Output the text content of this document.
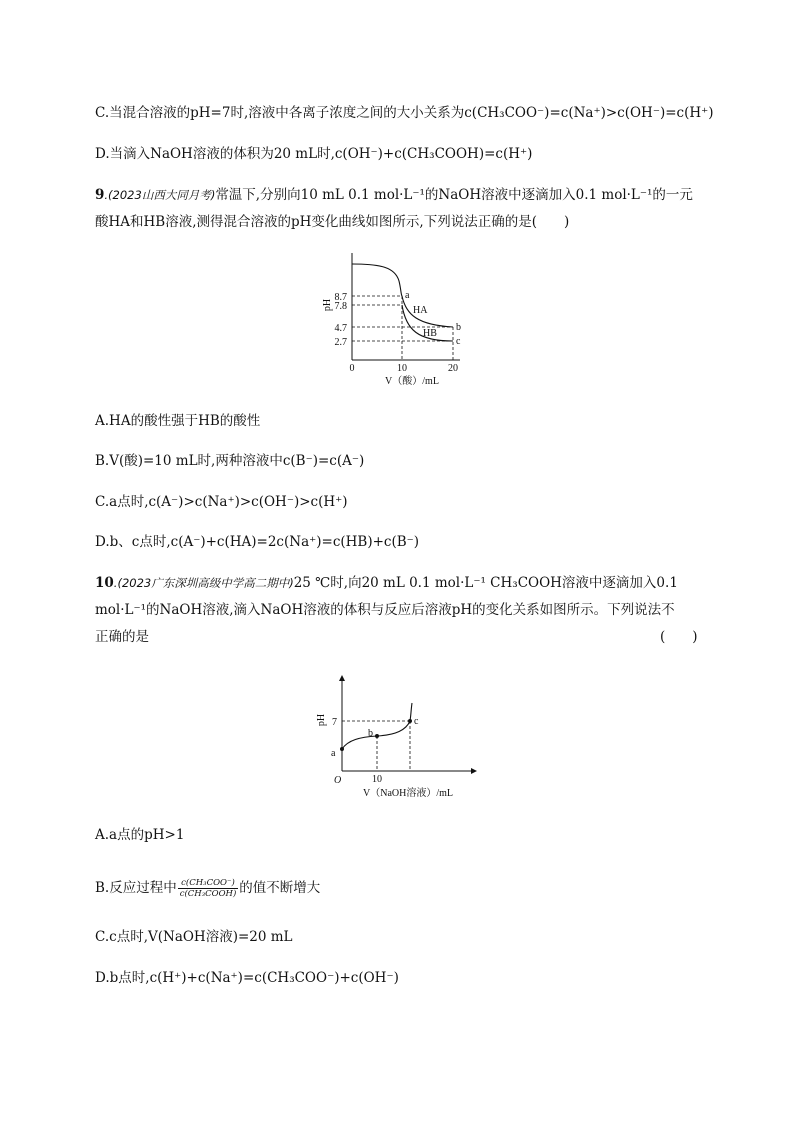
C.当混合溶液的pH=7时,溶液中各离子浓度之间的大小关系为c(CH₃COO⁻)=c(Na⁺)>c(OH⁻)=c(H⁺)
D.当滴入NaOH溶液的体积为20 mL时,c(OH⁻)+c(CH₃COOH)=c(H⁺)
9.(2023山西大同月考)常温下,分别向10 mL 0.1 mol·L⁻¹的NaOH溶液中逐滴加入0.1 mol·L⁻¹的一元
酸HA和HB溶液,测得混合溶液的pH变化曲线如图所示,下列说法正确的是(　　)
8.7
7.8
4.7
2.7
0	10	20
pH
V（酸）/mL
HA
HB
a
b
c
A.HA的酸性强于HB的酸性
B.V(酸)=10 mL时,两种溶液中c(B⁻)=c(A⁻)
C.a点时,c(A⁻)>c(Na⁺)>c(OH⁻)>c(H⁺)
D.b、c点时,c(A⁻)+c(HA)=2c(Na⁺)=c(HB)+c(B⁻)
10.(2023广东深圳高级中学高二期中)25 ℃时,向20 mL 0.1 mol·L⁻¹ CH₃COOH溶液中逐滴加入0.1
mol·L⁻¹的NaOH溶液,滴入NaOH溶液的体积与反应后溶液pH的变化关系如图所示。下列说法不
正确的是	(　　)
a
b
c
7
10
O
pH
V（NaOH溶液）/mL
A.a点的pH>1
B.反应过程中 $\frac{\text{c(CH₃COO⁻)}}{\text{c(CH₃COOH)}}$ 的值不断增大
C.c点时,V(NaOH溶液)=20 mL
D.b点时,c(H⁺)+c(Na⁺)=c(CH₃COO⁻)+c(OH⁻)
